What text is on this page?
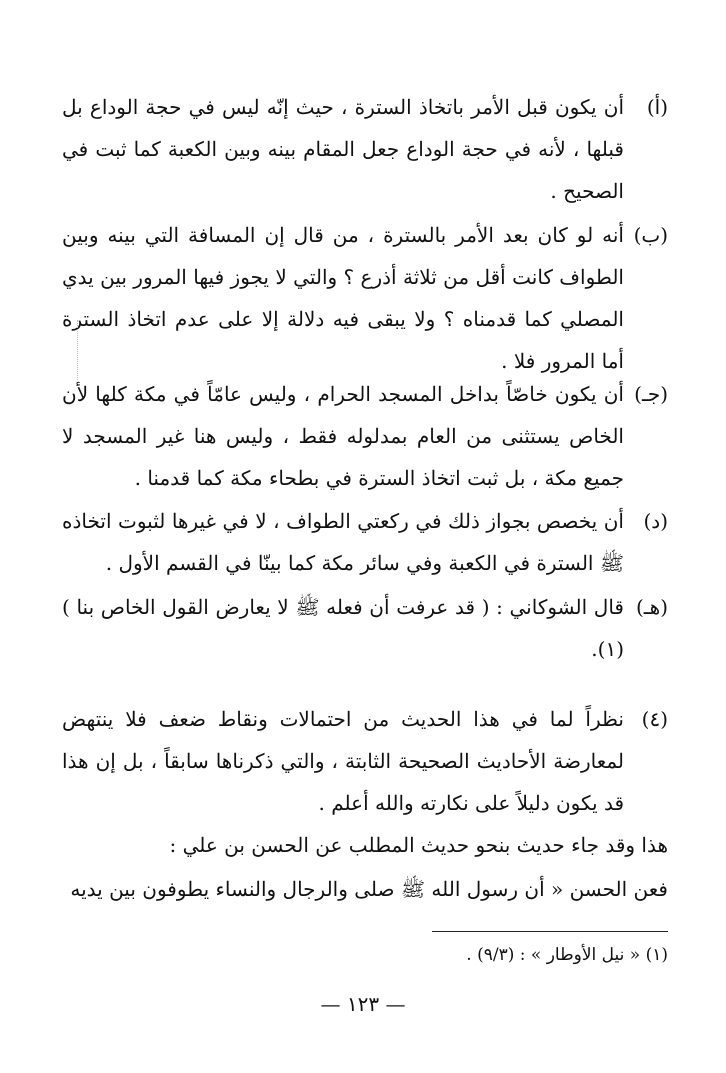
(أ)
أن يكون قبل الأمر باتخاذ السترة ، حيث إنّه ليس في حجة الوداع بل قبلها ، لأنه في حجة الوداع جعل المقام بينه وبين الكعبة كما ثبت في الصحيح .
(ب)
أنه لو كان بعد الأمر بالسترة ، من قال إن المسافة التي بينه وبين الطواف كانت أقل من ثلاثة أذرع ؟ والتي لا يجوز فيها المرور بين يدي المصلي كما قدمناه ؟ ولا يبقى فيه دلالة إلا على عدم اتخاذ السترة أما المرور فلا .
(جـ)
أن يكون خاصّاً بداخل المسجد الحرام ، وليس عامّاً في مكة كلها لأن الخاص يستثنى من العام بمدلوله فقط ، وليس هنا غير المسجد لا جميع مكة ، بل ثبت اتخاذ السترة في بطحاء مكة كما قدمنا .
(د)
أن يخصص بجواز ذلك في ركعتي الطواف ، لا في غيرها لثبوت اتخاذه ﷺ السترة في الكعبة وفي سائر مكة كما بينّا في القسم الأول .
(هـ)
قال الشوكاني : ( قد عرفت أن فعله ﷺ لا يعارض القول الخاص بنا )(١).
(٤)
نظراً لما في هذا الحديث من احتمالات ونقاط ضعف فلا ينتهض لمعارضة الأحاديث الصحيحة الثابتة ، والتي ذكرناها سابقاً ، بل إن هذا قد يكون دليلاً على نكارته والله أعلم .
هذا وقد جاء حديث بنحو حديث المطلب عن الحسن بن علي :
فعن الحسن « أن رسول الله ﷺ صلى والرجال والنساء يطوفون بين يديه
(١) « نيل الأوطار » : (٩/٣) .
— ١٢٣ —
